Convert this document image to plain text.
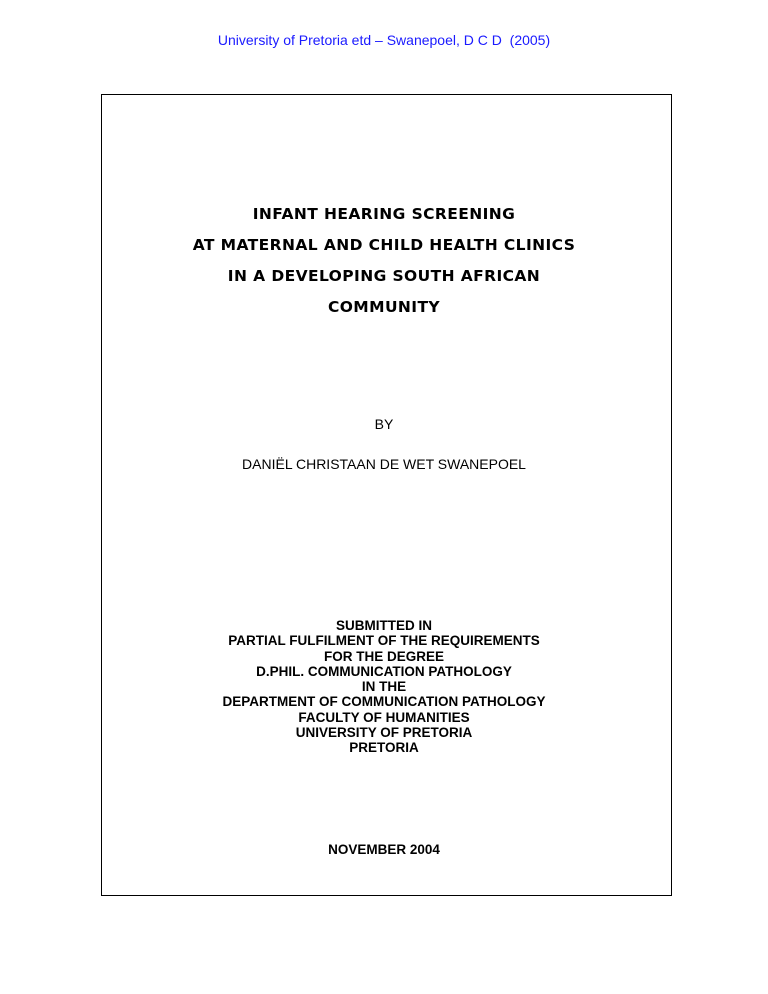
University of Pretoria etd – Swanepoel, D C D  (2005)
INFANT HEARING SCREENING
AT MATERNAL AND CHILD HEALTH CLINICS
IN A DEVELOPING SOUTH AFRICAN
COMMUNITY
BY
DANIËL CHRISTAAN DE WET SWANEPOEL
SUBMITTED IN
PARTIAL FULFILMENT OF THE REQUIREMENTS
FOR THE DEGREE
D.PHIL. COMMUNICATION PATHOLOGY
IN THE
DEPARTMENT OF COMMUNICATION PATHOLOGY
FACULTY OF HUMANITIES
UNIVERSITY OF PRETORIA
PRETORIA
NOVEMBER 2004
